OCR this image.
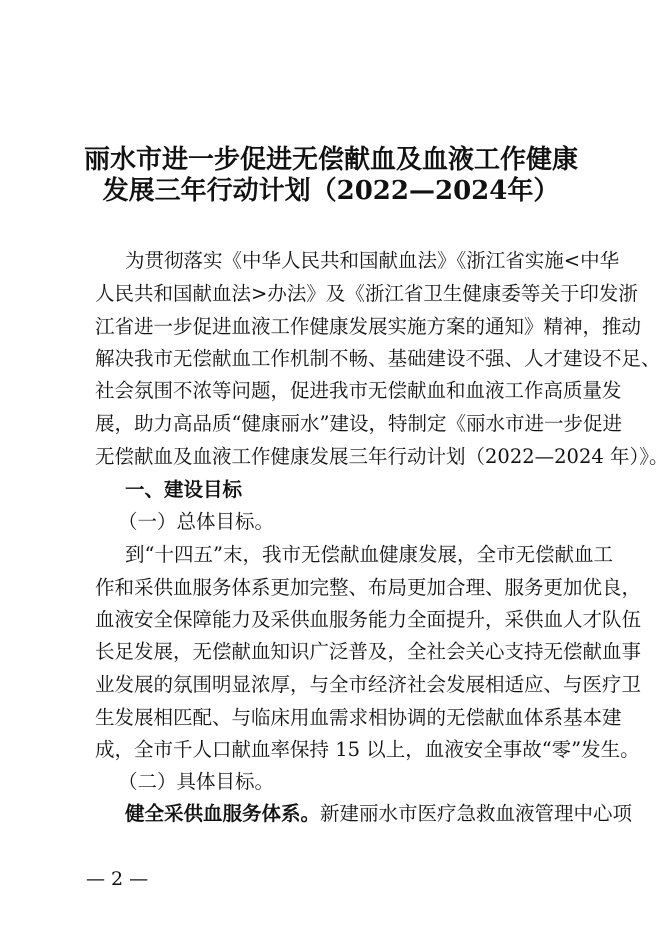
丽水市进一步促进无偿献血及血液工作健康
发展三年行动计划（2022—2024年）
为贯彻落实《中华人民共和国献血法》《浙江省实施<中华
人民共和国献血法>办法》及《浙江省卫生健康委等关于印发浙
江省进一步促进血液工作健康发展实施方案的通知》精神，推动
解决我市无偿献血工作机制不畅、基础建设不强、人才建设不足、
社会氛围不浓等问题，促进我市无偿献血和血液工作高质量发
展，助力高品质“健康丽水”建设，特制定《丽水市进一步促进
无偿献血及血液工作健康发展三年行动计划（2022—2024 年）》。
一、建设目标
（一）总体目标。
到“十四五”末，我市无偿献血健康发展，全市无偿献血工
作和采供血服务体系更加完整、布局更加合理、服务更加优良，
血液安全保障能力及采供血服务能力全面提升，采供血人才队伍
长足发展，无偿献血知识广泛普及，全社会关心支持无偿献血事
业发展的氛围明显浓厚，与全市经济社会发展相适应、与医疗卫
生发展相匹配、与临床用血需求相协调的无偿献血体系基本建
成，全市千人口献血率保持 15 以上，血液安全事故“零”发生。
（二）具体目标。
健全采供血服务体系。新建丽水市医疗急救血液管理中心项
— 2 —
